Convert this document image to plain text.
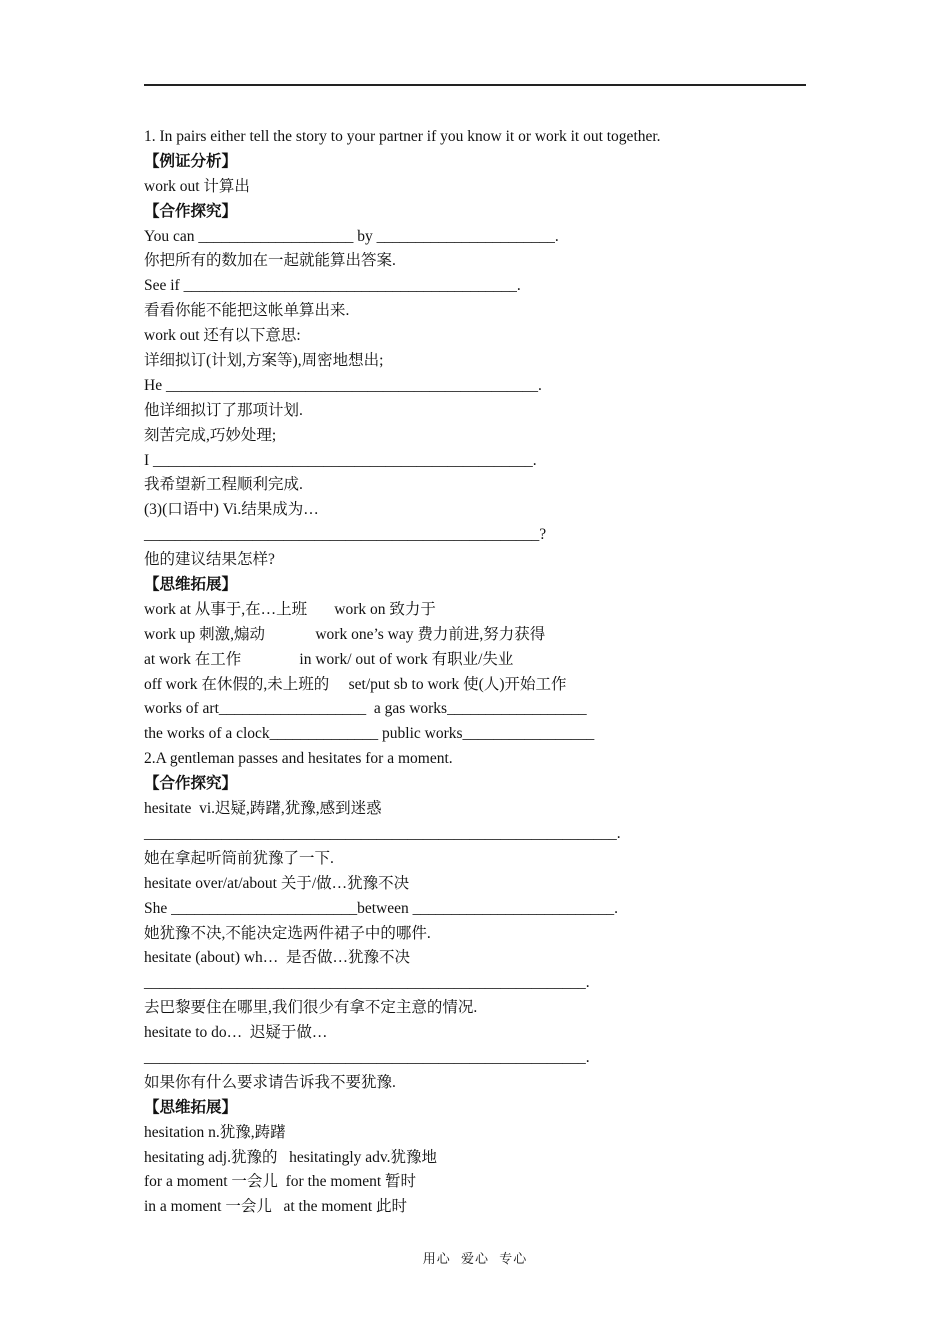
1. In pairs either tell the story to your partner if you know it or work it out together.
【例证分析】
work out 计算出
【合作探究】
You can ____________________ by _______________________.
你把所有的数加在一起就能算出答案.
See if ___________________________________________.
看看你能不能把这帐单算出来.
work out 还有以下意思:
详细拟订(计划,方案等),周密地想出;
He ________________________________________________.
他详细拟订了那项计划.
刻苦完成,巧妙处理;
I _________________________________________________.
我希望新工程顺利完成.
(3)(口语中) Vi.结果成为…
___________________________________________________?
他的建议结果怎样?
【思维拓展】
work at 从事于,在…上班       work on 致力于
work up 刺激,煽动             work one’s way 费力前进,努力获得
at work 在工作               in work/ out of work 有职业/失业
off work 在休假的,未上班的     set/put sb to work 使(人)开始工作
works of art___________________  a gas works__________________
the works of a clock______________ public works_________________
2.A gentleman passes and hesitates for a moment.
【合作探究】
hesitate  vi.迟疑,踌躇,犹豫,感到迷惑
_____________________________________________________________.
她在拿起听筒前犹豫了一下.
hesitate over/at/about 关于/做…犹豫不决
She ________________________between __________________________.
她犹豫不决,不能决定选两件裙子中的哪件.
hesitate (about) wh…  是否做…犹豫不决
_________________________________________________________.
去巴黎要住在哪里,我们很少有拿不定主意的情况.
hesitate to do…  迟疑于做…
_________________________________________________________.
如果你有什么要求请告诉我不要犹豫.
【思维拓展】
hesitation n.犹豫,踌躇
hesitating adj.犹豫的   hesitatingly adv.犹豫地
for a moment 一会儿  for the moment 暂时
in a moment 一会儿   at the moment 此时
用心 爱心 专心
